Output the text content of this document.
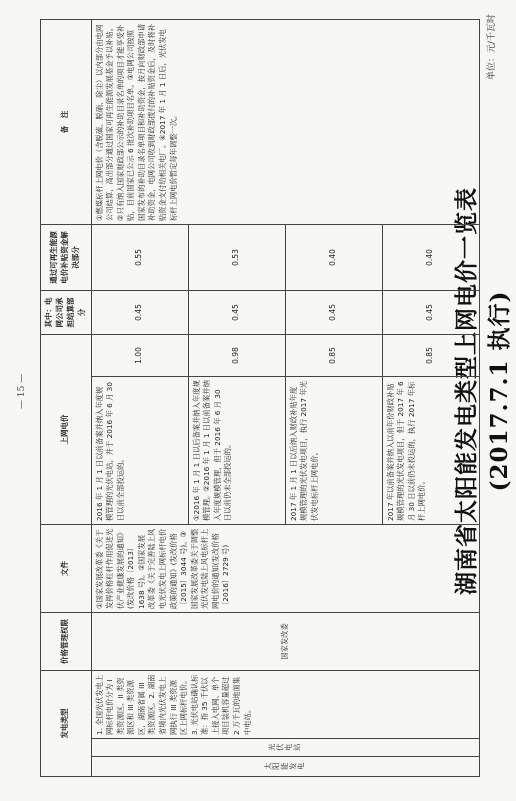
湖南省太阳能发电类型上网电价一览表(2017.7.1 执行)
单位：元/千瓦时
— 15 —
发电类型			价格管理权限	文件	上网电价		其中：电网公司承担结算部分	通过可再生能源电价补贴资金解决部分	备　注

太阳能发电	光伏电站	1. 全国光伏发电上网标杆电价分为 I 类资源区、II 类资源区和 III 类资源区，湖南省属 III 类资源区。2. 湖南省境内光伏发电上网执行 III 类资源区上网标杆电价。3. 光伏电站确认标准：指 35 千伏以上接入电网、单个项目装机容量超过 2 万千瓦的地面集中电站。	国家发改委	①国家发展改革委《关于发挥价格杠杆作用促进光伏产业健康发展的通知》(发改价格〔2013〕1638 号)。②国家发展改革委《关于完善陆上风电光伏发电上网标杆电价政策的通知》(发改价格〔2015〕3044 号)。③国家发展改革委关于调整光伏发电陆上风电标杆上网电价的通知(发改价格〔2016〕2729 号)	2016 年 1 月 1 日以前备案并纳入年度规模管理的光伏电站，并于 2016 年 6 月 30 日以前全部投运的。	1.00	0.45	0.55	①燃煤标杆上网电价（含脱硫、脱硝、除尘）以内部分由电网公司结算，高出部分通过国家可再生能源发展基金予以补贴。②只有纳入国家财政部公示的补助目录名单的项目才能享受补贴，目前国家已公示 6 批次补助项目名单。③电网公司按照国家发布的补助目录名单项目和补助资金，按月向财政部申请补助资金，电网公司收到财政部拨付的补贴资金后，及时将补贴资金支付给相关电厂。④2017 年 1 月 1 日后，光伏发电标杆上网电价暂定每年调整一次。
					①2016 年 1 月 1 日以后备案并纳入年度规模管理。②2016 年 1 月 1 日以前备案并纳入年度规模管理，但于 2016 年 6 月 30 日以前仍未全部投运的。	0.98	0.45	0.53	
					2017 年 1 月 1 日以后纳入财政补贴年度规模管理的光伏发电项目，执行 2017 年光伏发电标杆上网电价。	0.85	0.45	0.40	
					2017 年以前备案并纳入以前年份财政补贴规模管理的光伏发电项目，但于 2017 年 6 月 30 日以前仍未投运的，执行 2017 年标杆上网电价。	0.85	0.45	0.40	
